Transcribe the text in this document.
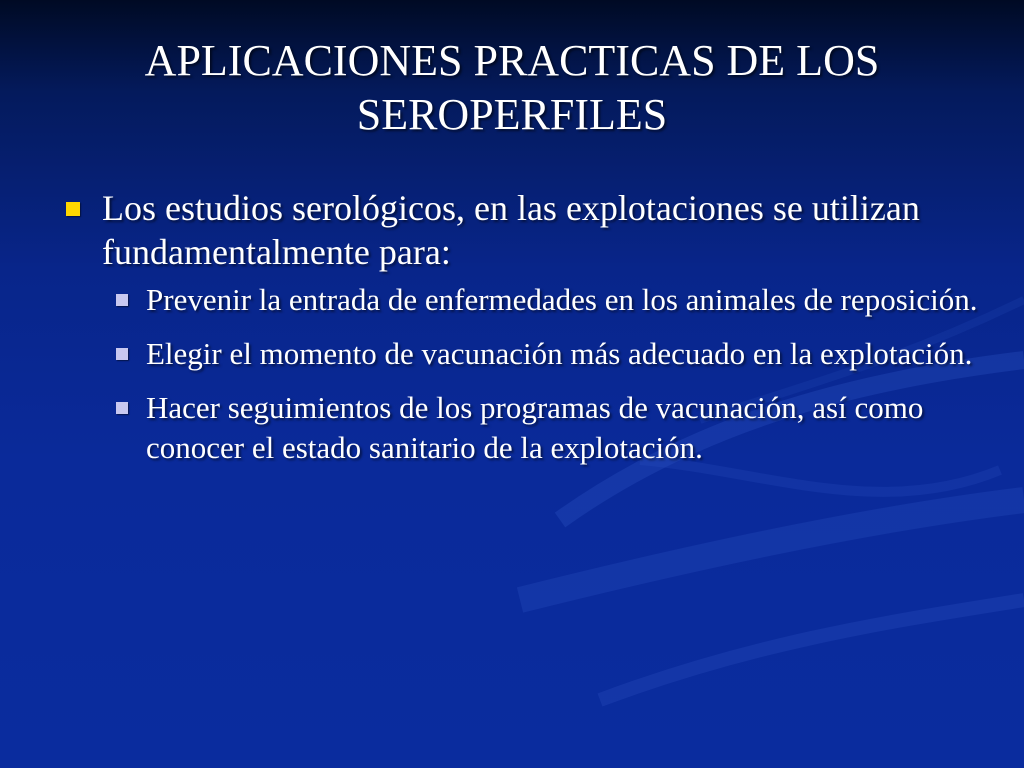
APLICACIONES PRACTICAS DE LOS SEROPERFILES
Los estudios serológicos, en las explotaciones se utilizan fundamentalmente para:
Prevenir la entrada de enfermedades en los animales de reposición.
Elegir el momento de vacunación más adecuado en la explotación.
Hacer seguimientos de los programas de vacunación, así como conocer el estado sanitario de la explotación.
